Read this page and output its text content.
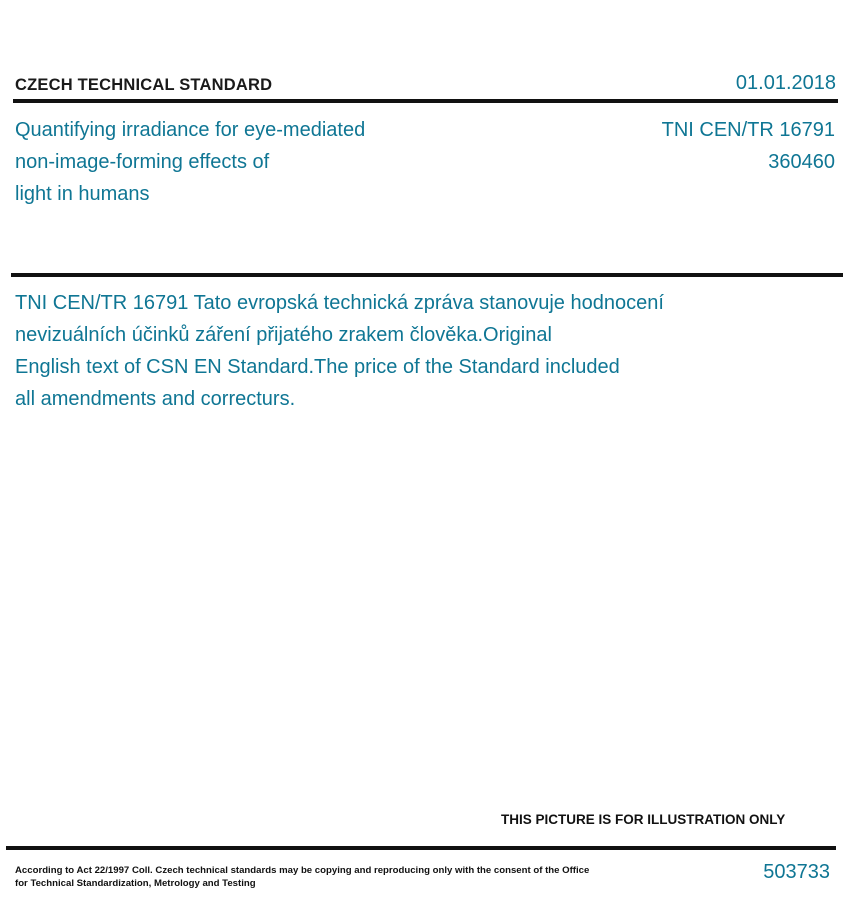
CZECH TECHNICAL STANDARD	01.01.2018
Quantifying irradiance for eye-mediated
non-image-forming effects of
light in humans
TNI CEN/TR 16791
360460
TNI CEN/TR 16791 Tato evropská technická zpráva stanovuje hodnocení
nevizuálních účinků záření přijatého zrakem člověka.Original
English text of CSN EN Standard.The price of the Standard included
all amendments and correcturs.
THIS PICTURE IS FOR ILLUSTRATION ONLY
According to Act 22/1997 Coll. Czech technical standards may be copying and reproducing only with the consent of the Office
for Technical Standardization, Metrology and Testing
503733
